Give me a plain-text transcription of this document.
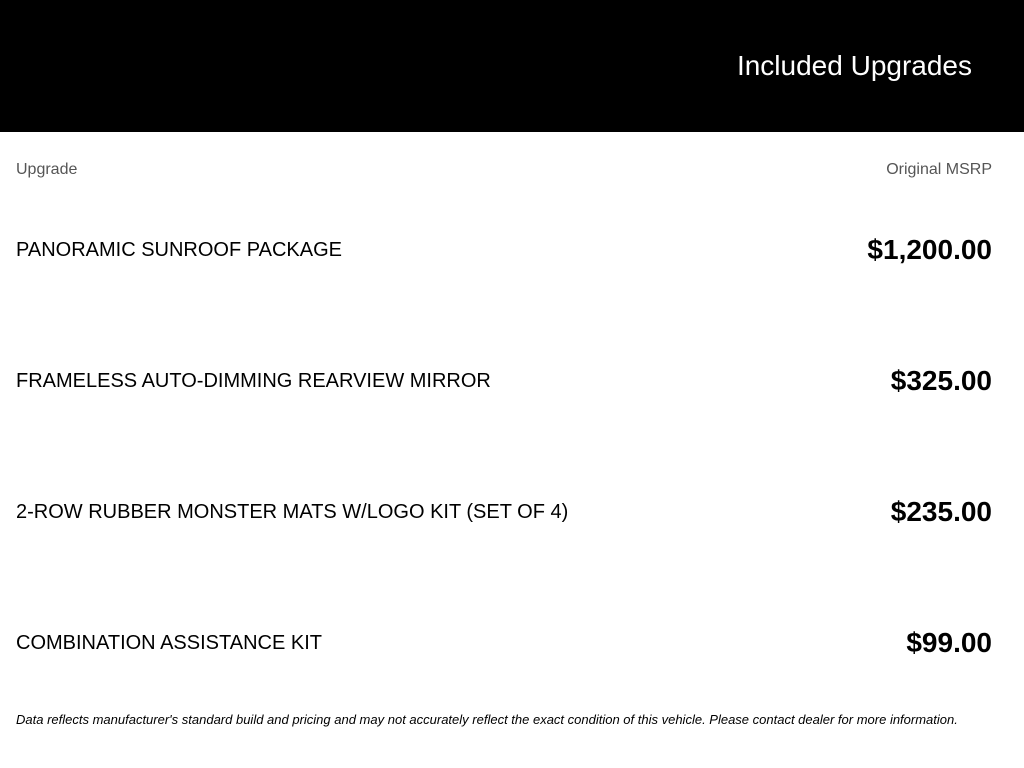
Included Upgrades
Upgrade	Original MSRP
PANORAMIC SUNROOF PACKAGE	$1,200.00
FRAMELESS AUTO-DIMMING REARVIEW MIRROR	$325.00
2-ROW RUBBER MONSTER MATS W/LOGO KIT (SET OF 4)	$235.00
COMBINATION ASSISTANCE KIT	$99.00
Data reflects manufacturer's standard build and pricing and may not accurately reflect the exact condition of this vehicle. Please contact dealer for more information.
